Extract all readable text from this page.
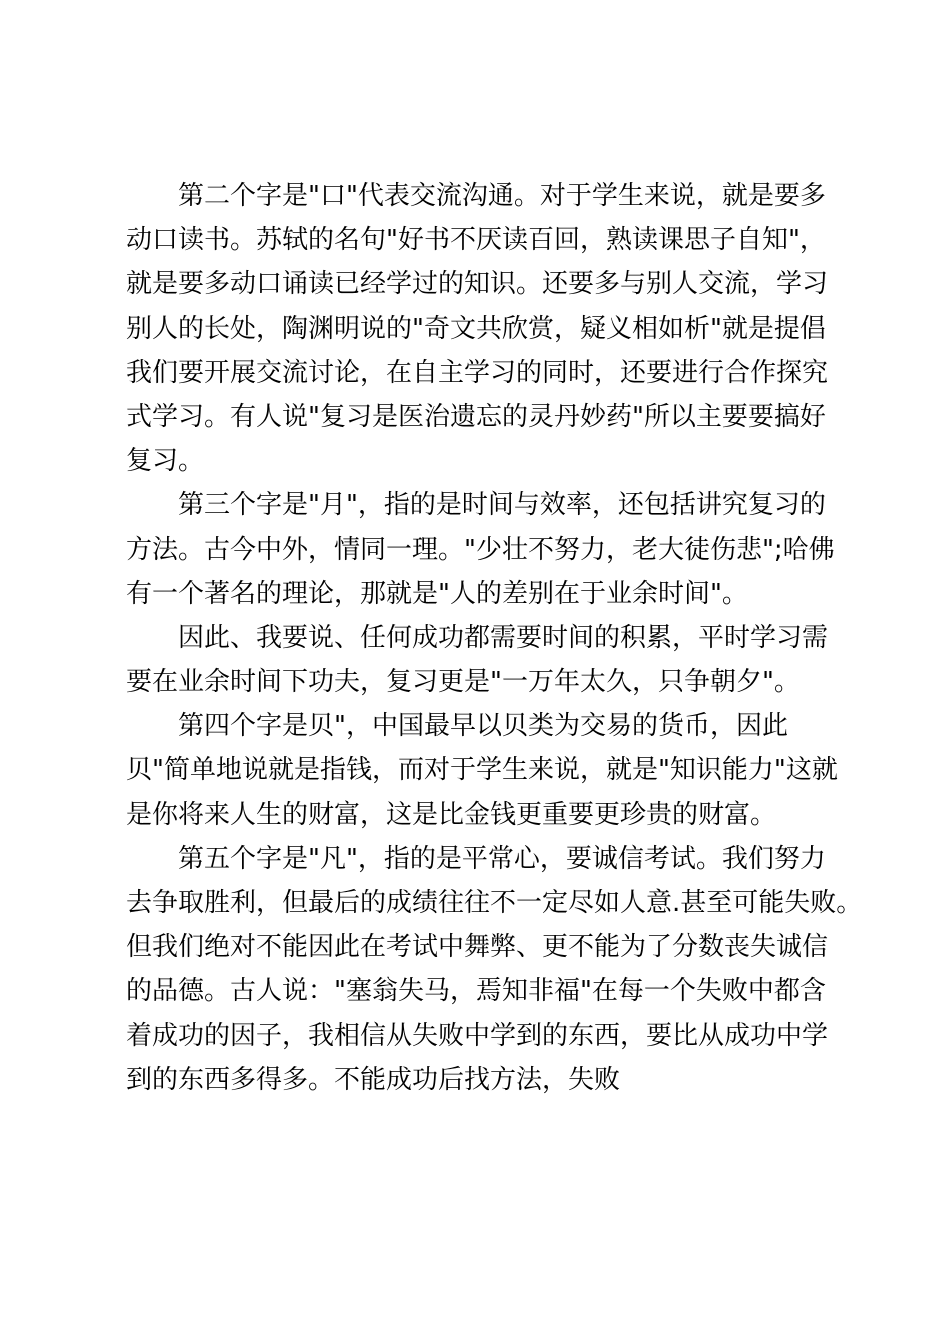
第二个字是"口"代表交流沟通。对于学生来说，就是要多
动口读书。苏轼的名句"好书不厌读百回，熟读课思子自知"，
就是要多动口诵读已经学过的知识。还要多与别人交流，学习
别人的长处，陶渊明说的"奇文共欣赏，疑义相如析"就是提倡
我们要开展交流讨论，在自主学习的同时，还要进行合作探究
式学习。有人说"复习是医治遗忘的灵丹妙药"所以主要要搞好
复习。
第三个字是"月"，指的是时间与效率，还包括讲究复习的
方法。古今中外，情同一理。"少壮不努力，老大徒伤悲";哈佛
有一个著名的理论，那就是"人的差别在于业余时间"。
因此、我要说、任何成功都需要时间的积累，平时学习需
要在业余时间下功夫，复习更是"一万年太久，只争朝夕"。
第四个字是贝"，中国最早以贝类为交易的货币，因此
贝"简单地说就是指钱，而对于学生来说，就是"知识能力"这就
是你将来人生的财富，这是比金钱更重要更珍贵的财富。
第五个字是"凡"，指的是平常心，要诚信考试。我们努力
去争取胜利，但最后的成绩往往不一定尽如人意.甚至可能失败。
但我们绝对不能因此在考试中舞弊、更不能为了分数丧失诚信
的品德。古人说："塞翁失马，焉知非福"在每一个失败中都含
着成功的因子，我相信从失败中学到的东西，要比从成功中学
到的东西多得多。不能成功后找方法，失败
